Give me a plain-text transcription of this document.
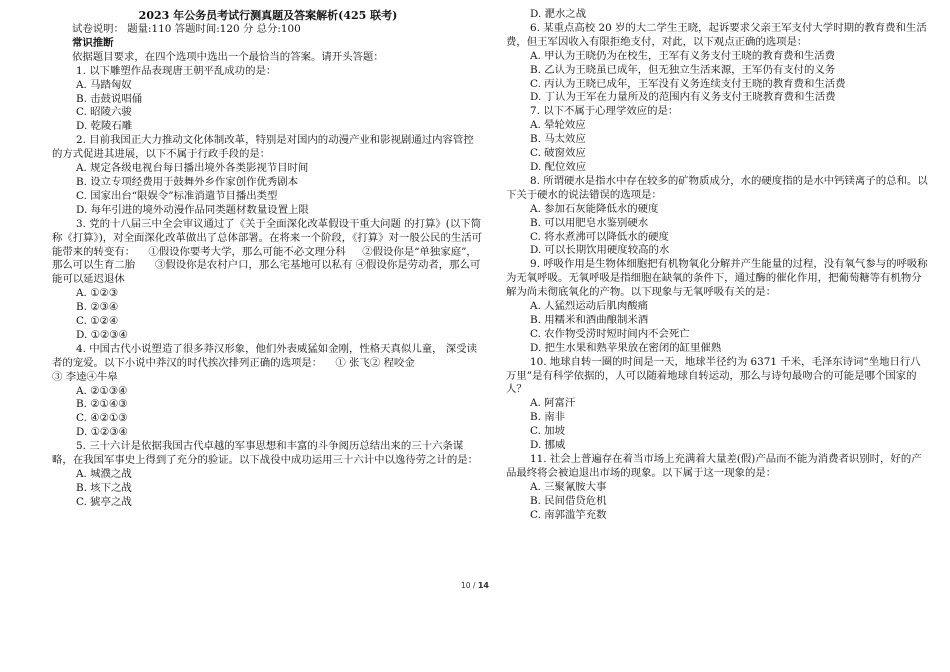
2023 年公务员考试行测真题及答案解析(425 联考)
试卷说明： 题量:110 答题时间:120 分 总分:100
常识推断
依据题目要求，在四个选项中选出一个最恰当的答案。请开头答题：
1. 以下雕塑作品表现唐王朝平乱成功的是：
A. 马踏匈奴
B. 击鼓说唱俑
C. 昭陵六骏
D. 乾陵石雕
2. 目前我国正大力推动文化体制改革，特别是对国内的动漫产业和影视剧通过内容管控的方式促进其进展，以下不属于行政手段的是：
A. 规定各级电视台每日播出境外各类影视节目时间
B. 设立专项经费用于鼓舞外乡作家创作优秀剧本
C. 国家出台“限娱令”标准消遣节目播出类型
D. 每年引进的境外动漫作品同类题材数量设置上限
3. 党的十八届三中全会审议通过了《关于全面深化改革假设干重大问题 的打算》(以下简称《打算》)，对全面深化改革做出了总体部署。在将来一个阶段，《打算》对一般公民的生活可能带来的转变有：    ①假设你要考大学，那么可能不必文理分科     ②假设你是“单独家庭”，那么可以生育二胎      ③假设你是农村户口，那么宅基地可以私有 ④假设你是劳动者，那么可能可以延迟退休
A. ①②③
B. ②③④
C. ①②④
D. ①②③④
4. 中国古代小说塑造了很多莽汉形象，他们外表威猛如金刚，性格天真似儿童， 深受读者的宠爱。以下小说中莽汉的时代挨次排列正确的选项是：    ① 张飞② 程咬金
③ 李逵④牛皋
A. ②①③④
B. ②①④③
C. ④②①③
D. ①②③④
5. 三十六计是依据我国古代卓越的军事思想和丰富的斗争阅历总结出来的三十六条谋略，在我国军事史上得到了充分的验证。以下战役中成功运用三十六计中以逸待劳之计的是：
A. 城濮之战
B. 垓下之战
C. 猇亭之战
D. 淝水之战
6. 某重点高校 20 岁的大二学生王晓，起诉要求父亲王军支付大学时期的教育费和生活费，但王军因收入有限拒绝支付，对此，以下观点正确的选项是：
A. 甲认为王晓仍为在校生，王军有义务支付王晓的教育费和生活费
B. 乙认为王晓虽已成年，但无独立生活来源，王军仍有支付的义务
C. 丙认为王晓已成年，王军没有义务连续支付王晓的教育费和生活费
D. 丁认为王军在力量所及的范围内有义务支付王晓教育费和生活费
7. 以下不属于心理学效应的是：
A. 晕轮效应
B. 马太效应
C. 破窗效应
D. 配位效应
8. 所谓硬水是指水中存在较多的矿物质成分，水的硬度指的是水中钙镁离子的总和。以下关于硬水的说法错误的选项是：
A. 参加石灰能降低水的硬度
B. 可以用肥皂水鉴别硬水
C. 将水煮沸可以降低水的硬度
D. 可以长期饮用硬度较高的水
9. 呼吸作用是生物体细胞把有机物氧化分解并产生能量的过程，没有氧气参与的呼吸称为无氧呼吸。无氧呼吸是指细胞在缺氧的条件下，通过酶的催化作用，把葡萄糖等有机物分解为尚未彻底氧化的产物。以下现象与无氧呼吸有关的是：
A. 人猛烈运动后肌肉酸痛
B. 用糯米和酒曲酿制米酒
C. 农作物受涝时短时间内不会死亡
D. 把生水果和熟苹果放在密闭的缸里催熟
10. 地球自转一圈的时间是一天，地球半径约为 6371 千米，毛泽东诗词“坐地日行八万里”是有科学依据的，人可以随着地球自转运动，那么与诗句最吻合的可能是哪个国家的人？
A. 阿富汗
B. 南非
C. 加坡
D. 挪威
11. 社会上普遍存在着当市场上充满着大量差(假)产品而不能为消费者识别时，好的产品最终将会被迫退出市场的现象。以下属于这一现象的是：
A. 三聚氰胺大事
B. 民间借贷危机
C. 南郭滥竽充数
10 / 14
